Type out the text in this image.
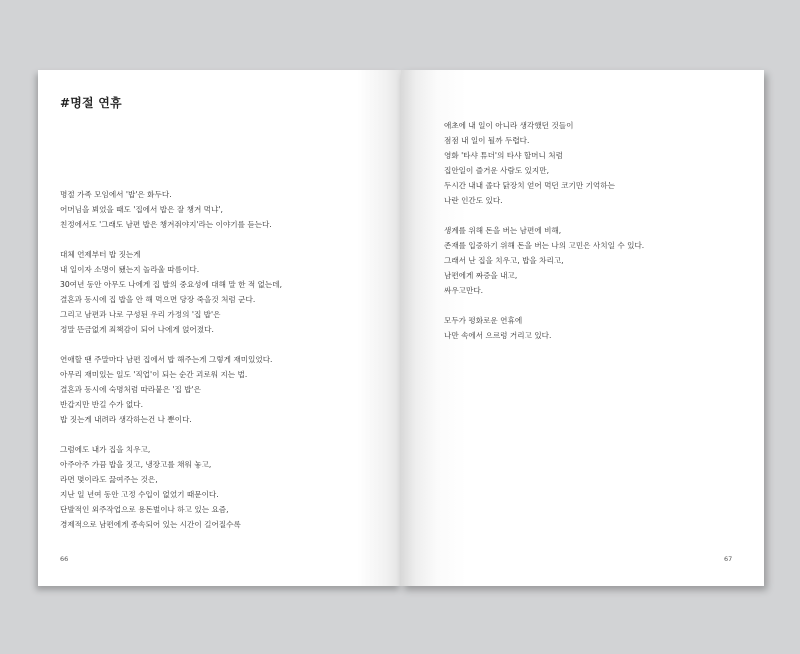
#명절 연휴
명절 가족 모임에서 '밥'은 화두다.
어머님을 뵈었을 때도 '집에서 밥은 잘 챙겨 먹냐',
친정에서도 '그래도 남편 밥은 챙겨줘야지'라는 이야기를 듣는다.
대체 언제부터 밥 짓는게
내 일이자 소명이 됐는지 놀라울 따름이다.
30여년 동안 아무도 나에게 집 밥의 중요성에 대해 말 한 적 없는데,
결혼과 동시에 집 밥을 안 해 먹으면 당장 죽을것 처럼 군다.
그리고 남편과 나로 구성된 우리 가정의 '집 밥'은
정말 뜬금없게 죄책감이 되어 나에게 얹어졌다.
연애할 땐 주말마다 남편 집에서 밥 해주는게 그렇게 재미있었다.
아무리 재미있는 일도 '직업'이 되는 순간 괴로워 지는 법.
결혼과 동시에 숙명처럼 따라붙은 '집 밥'은
반갑지만 반길 수가 없다.
밥 짓는게 내려라 생각하는건 나 뿐이다.
그럼에도 내가 집을 치우고,
아주아주 가끔 밥을 짓고, 냉장고를 채워 놓고,
라면 몇이라도 끓여주는 것은,
지난 일 년여 동안 고정 수입이 없었기 때문이다.
단발적인 외주작업으로 용돈벌이나 하고 있는 요즘,
경제적으로 남편에게 종속되어 있는 시간이 길어질수록
66
애초에 내 일이 아니라 생각했던 것들이
점점 내 일이 될까 두렵다.
영화 '타샤 튜더'의 타샤 할머니 처럼
집안일이 즐거운 사람도 있지만,
두시간 내내 졸다 닭장치 얻어 먹던 코기만 기억하는
나란 인간도 있다.
생계를 위해 돈을 버는 남편에 비해,
존재를 입증하기 위해 돈을 버는 나의 고민은 사치일 수 있다.
그래서 난 집을 치우고, 밥을 차리고,
남편에게 짜증을 내고,
싸우고만다.
모두가 평화로운 연휴에
나만 속에서 으르렁 거리고 있다.
67
